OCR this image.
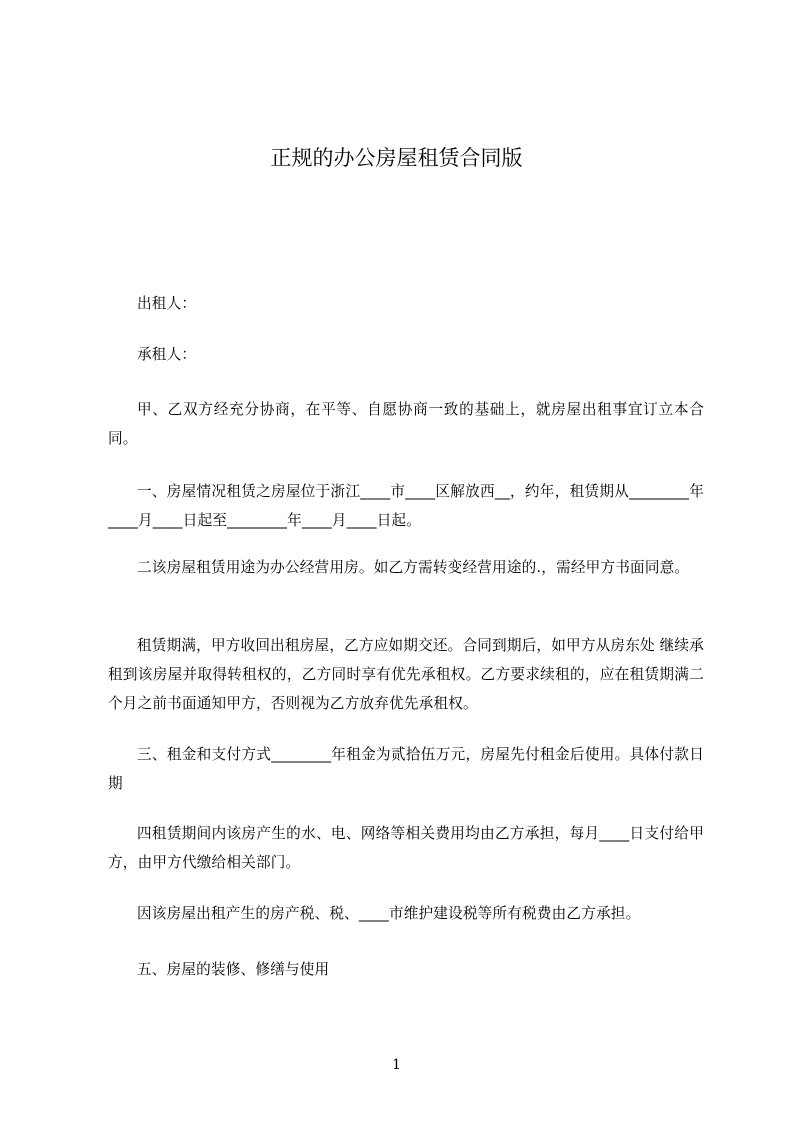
正规的办公房屋租赁合同版
出租人：
承租人：
甲、乙双方经充分协商，在平等、自愿协商一致的基础上，就房屋出租事宜订立本合同。
一、房屋情况租赁之房屋位于浙江____市____区解放西__，约年，租赁期从________年____月____日起至________年____月____日起。
二该房屋租赁用途为办公经营用房。如乙方需转变经营用途的.，需经甲方书面同意。
租赁期满，甲方收回出租房屋，乙方应如期交还。合同到期后，如甲方从房东处 继续承租到该房屋并取得转租权的，乙方同时享有优先承租权。乙方要求续租的，应在租赁期满二个月之前书面通知甲方，否则视为乙方放弃优先承租权。
三、租金和支付方式________年租金为贰拾伍万元，房屋先付租金后使用。具体付款日期
四租赁期间内该房产生的水、电、网络等相关费用均由乙方承担，每月____日支付给甲方，由甲方代缴给相关部门。
因该房屋出租产生的房产税、税、____市维护建设税等所有税费由乙方承担。
五、房屋的装修、修缮与使用
1
